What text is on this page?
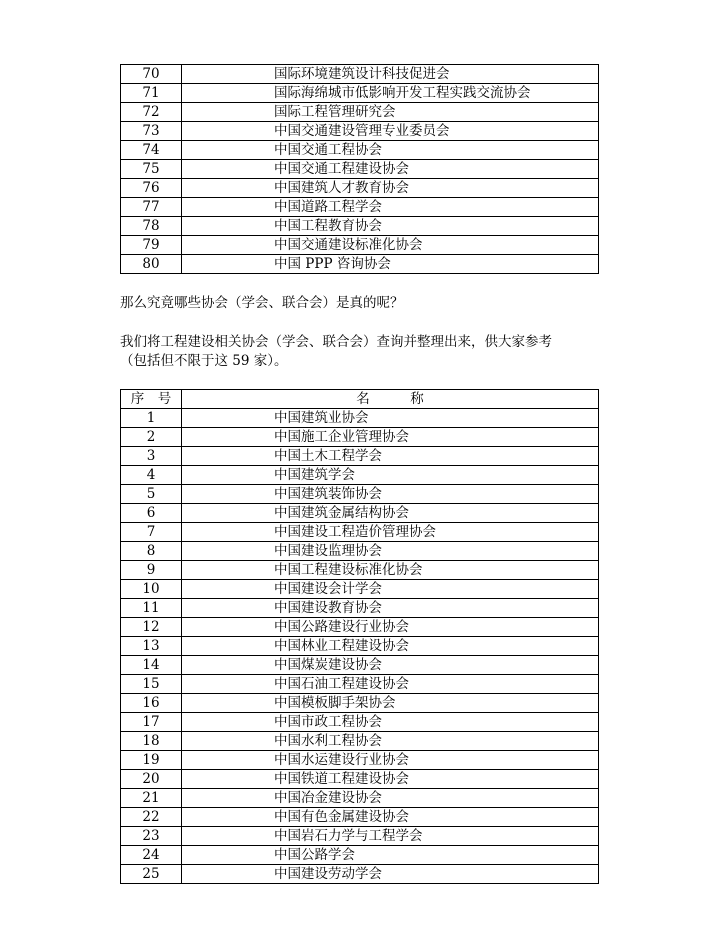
70	国际环境建筑设计科技促进会
71	国际海绵城市低影响开发工程实践交流协会
72	国际工程管理研究会
73	中国交通建设管理专业委员会
74	中国交通工程协会
75	中国交通工程建设协会
76	中国建筑人才教育协会
77	中国道路工程学会
78	中国工程教育协会
79	中国交通建设标准化协会
80	中国 PPP 咨询协会

那么究竟哪些协会（学会、联合会）是真的呢？

我们将工程建设相关协会（学会、联合会）查询并整理出来，供大家参考
（包括但不限于这 59 家）。

序　号	名　　　称
1	中国建筑业协会
2	中国施工企业管理协会
3	中国土木工程学会
4	中国建筑学会
5	中国建筑装饰协会
6	中国建筑金属结构协会
7	中国建设工程造价管理协会
8	中国建设监理协会
9	中国工程建设标准化协会
10	中国建设会计学会
11	中国建设教育协会
12	中国公路建设行业协会
13	中国林业工程建设协会
14	中国煤炭建设协会
15	中国石油工程建设协会
16	中国模板脚手架协会
17	中国市政工程协会
18	中国水利工程协会
19	中国水运建设行业协会
20	中国铁道工程建设协会
21	中国冶金建设协会
22	中国有色金属建设协会
23	中国岩石力学与工程学会
24	中国公路学会
25	中国建设劳动学会
